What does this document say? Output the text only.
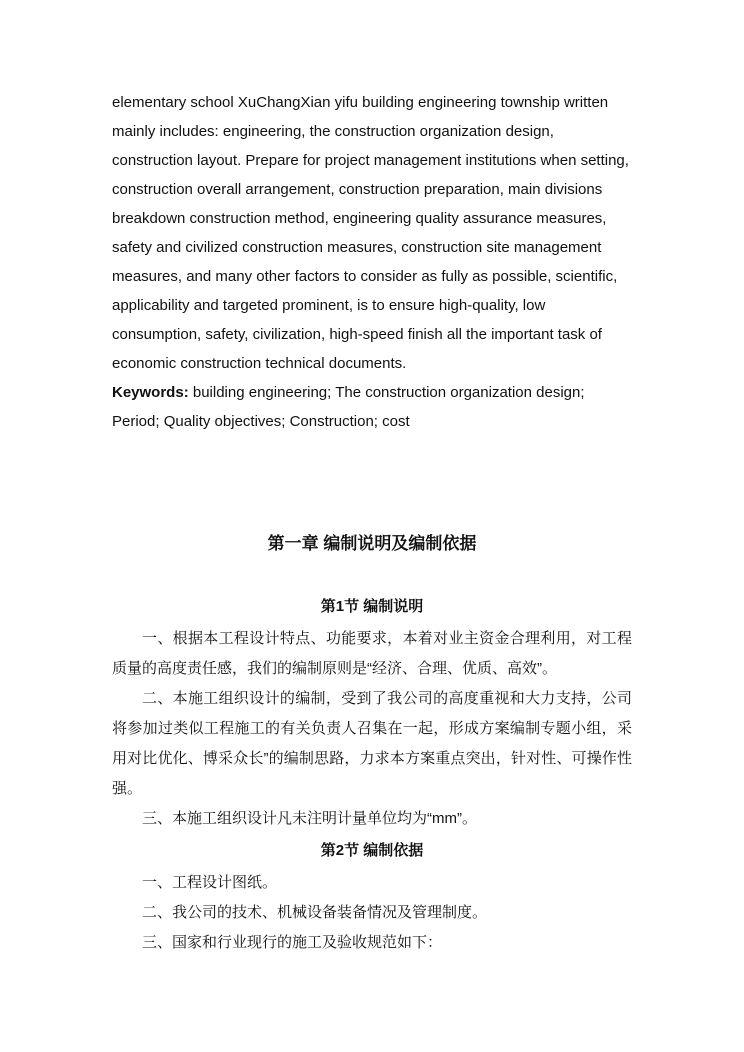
elementary school XuChangXian yifu building engineering township written mainly includes: engineering, the construction organization design, construction layout. Prepare for project management institutions when setting, construction overall arrangement, construction preparation, main divisions breakdown construction method, engineering quality assurance measures, safety and civilized construction measures, construction site management measures, and many other factors to consider as fully as possible, scientific, applicability and targeted prominent, is to ensure high-quality, low consumption, safety, civilization, high-speed finish all the important task of economic construction technical documents.

Keywords: building engineering; The construction organization design; Period; Quality objectives; Construction; cost

第一章 编制说明及编制依据
第1节 编制说明

一、根据本工程设计特点、功能要求，本着对业主资金合理利用，对工程质量的高度责任感，我们的编制原则是“经济、合理、优质、高效”。

二、本施工组织设计的编制，受到了我公司的高度重视和大力支持，公司将参加过类似工程施工的有关负责人召集在一起，形成方案编制专题小组，采用对比优化、博采众长”的编制思路，力求本方案重点突出，针对性、可操作性强。

三、本施工组织设计凡未注明计量单位均为“mm”。

第2节 编制依据

一、工程设计图纸。

二、我公司的技术、机械设备装备情况及管理制度。

三、国家和行业现行的施工及验收规范如下：
